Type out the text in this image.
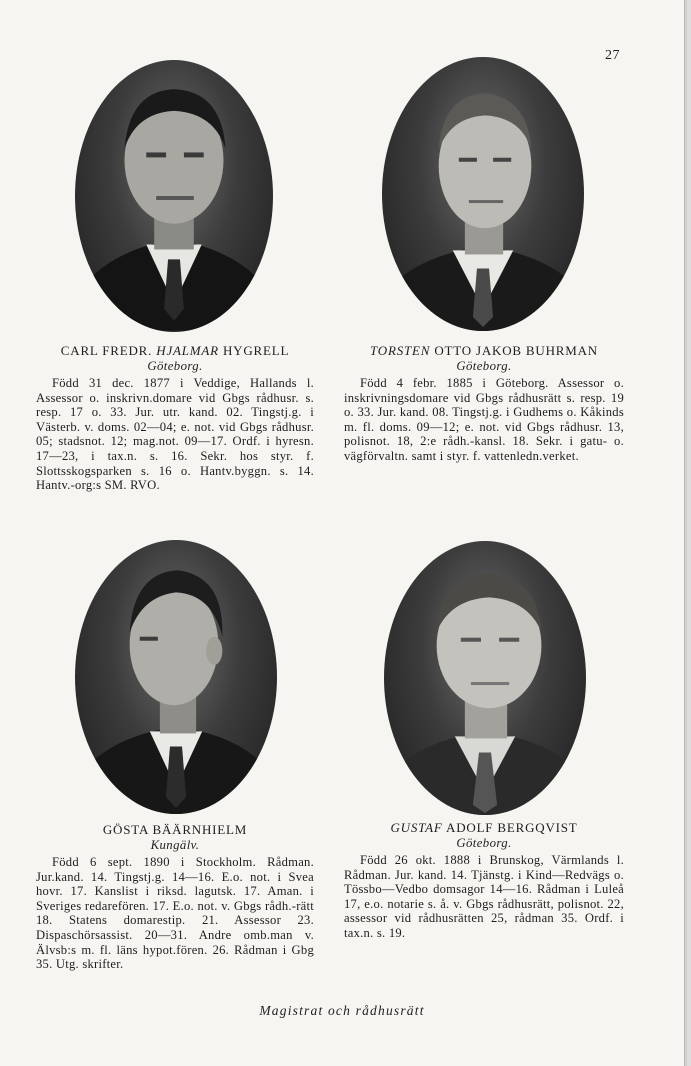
27
CARL FREDR. HJALMAR HYGRELL
Göteborg.

Född 31 dec. 1877 i Veddige, Hallands l. Assessor o. inskrivn.domare vid Gbgs rådhusr. s. resp. 17 o. 33. Jur. utr. kand. 02. Tingstj.g. i Västerb. v. doms. 02—04; e. not. vid Gbgs rådhusr. 05; stadsnot. 12; mag.not. 09—17. Ordf. i hyresn. 17—23, i tax.n. s. 16. Sekr. hos styr. f. Slottsskogsparken s. 16 o. Hantv.byggn. s. 14. Hantv.-org:s SM. RVO.

TORSTEN OTTO JAKOB BUHRMAN
Göteborg.

Född 4 febr. 1885 i Göteborg. Assessor o. inskrivningsdomare vid Gbgs rådhusrätt s. resp. 19 o. 33. Jur. kand. 08. Tingstj.g. i Gudhems o. Kåkinds m. fl. doms. 09—12; e. not. vid Gbgs rådhusr. 13, polisnot. 18, 2:e rådh.-kansl. 18. Sekr. i gatu- o. vägförvaltn. samt i styr. f. vattenledn.verket.

GÖSTA BÄÄRNHIELM
Kungälv.

Född 6 sept. 1890 i Stockholm. Rådman. Jur.kand. 14. Tingstj.g. 14—16. E.o. not. i Svea hovr. 17. Kanslist i riksd. lagutsk. 17. Aman. i Sveriges redarefören. 17. E.o. not. v. Gbgs rådh.-rätt 18. Statens domarestip. 21. Assessor 23. Dispaschörsassist. 20—31. Andre omb.man v. Älvsb:s m. fl. läns hypot.fören. 26. Rådman i Gbg 35. Utg. skrifter.

GUSTAF ADOLF BERGQVIST
Göteborg.

Född 26 okt. 1888 i Brunskog, Värmlands l. Rådman. Jur. kand. 14. Tjänstg. i Kind—Redvägs o. Tössbo—Vedbo domsagor 14—16. Rådman i Luleå 17, e.o. notarie s. å. v. Gbgs rådhusrätt, polisnot. 22, assessor vid rådhusrätten 25, rådman 35. Ordf. i tax.n. s. 19.

Magistrat och rådhusrätt
